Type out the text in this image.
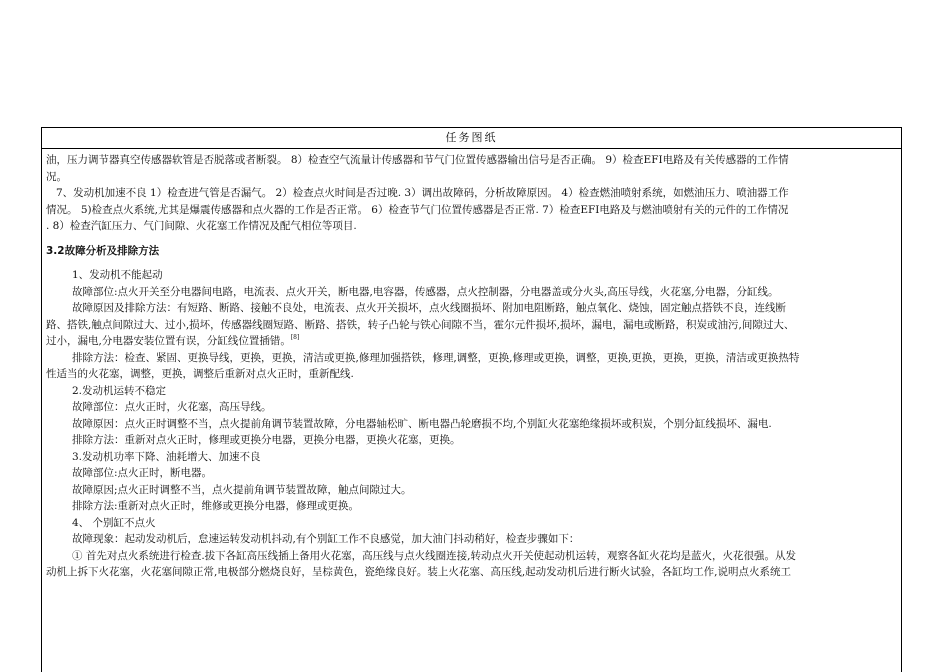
任务图纸
油，压力调节器真空传感器软管是否脱落或者断裂。 8）检查空气流量计传感器和节气门位置传感器输出信号是否正确。 9）检查EFI电路及有关传感器的工作情
况。
7、发动机加速不良 1）检查进气管是否漏气。 2）检查点火时间是否过晚. 3）调出故障码，分析故障原因。 4）检查燃油喷射系统，如燃油压力、喷油器工作
情况。 5)检查点火系统,尤其是爆震传感器和点火器的工作是否正常。 6）检查节气门位置传感器是否正常. 7）检查EFI电路及与燃油喷射有关的元件的工作情况
. 8）检查汽缸压力、气门间隙、火花塞工作情况及配气相位等项目.
3.2故障分析及排除方法
1、发动机不能起动
故障部位:点火开关至分电器间电路，电流表、点火开关，断电器,电容器，传感器，点火控制器，分电器盖或分火头,高压导线，火花塞,分电器，分缸线。
故障原因及排除方法：有短路、断路、接触不良处，电流表、点火开关损坏，点火线圈损坏、附加电阻断路，触点氧化、烧蚀，固定触点搭铁不良，连线断
路、搭铁,触点间隙过大、过小,损坏，传感器线圈短路、断路、搭铁，转子凸轮与铁心间隙不当，霍尔元件损坏,损坏，漏电，漏电或断路，积炭或油污,间隙过大、
过小，漏电,分电器安装位置有误，分缸线位置插错。[8]
排除方法：检查、紧固、更换导线，更换，更换，清洁或更换,修理加强搭铁，修理,调整，更换,修理或更换，调整，更换,更换，更换，更换，清洁或更换热特
性适当的火花塞，调整，更换，调整后重新对点火正时，重新配线.
2.发动机运转不稳定
故障部位：点火正时，火花塞，高压导线。
故障原因：点火正时调整不当，点火提前角调节装置故障，分电器轴松旷、断电器凸轮磨损不均,个别缸火花塞绝缘损坏或积炭，个别分缸线损坏、漏电.
排除方法：重新对点火正时，修理或更换分电器，更换分电器，更换火花塞，更换。
3.发动机功率下降、油耗增大、加速不良
故障部位:点火正时，断电器。
故障原因;点火正时调整不当，点火提前角调节装置故障，触点间隙过大。
排除方法:重新对点火正时，维修或更换分电器，修理或更换。
4、 个别缸不点火
故障现象：起动发动机后，怠速运转发动机抖动,有个别缸工作不良感觉，加大油门抖动稍好，检查步骤如下：
① 首先对点火系统进行检查.拔下各缸高压线插上备用火花塞，高压线与点火线圈连接,转动点火开关使起动机运转，观察各缸火花均是蓝火，火花很强。从发
动机上拆下火花塞，火花塞间隙正常,电极部分燃烧良好，呈棕黄色，瓷绝缘良好。装上火花塞、高压线,起动发动机后进行断火试验，各缸均工作,说明点火系统工
